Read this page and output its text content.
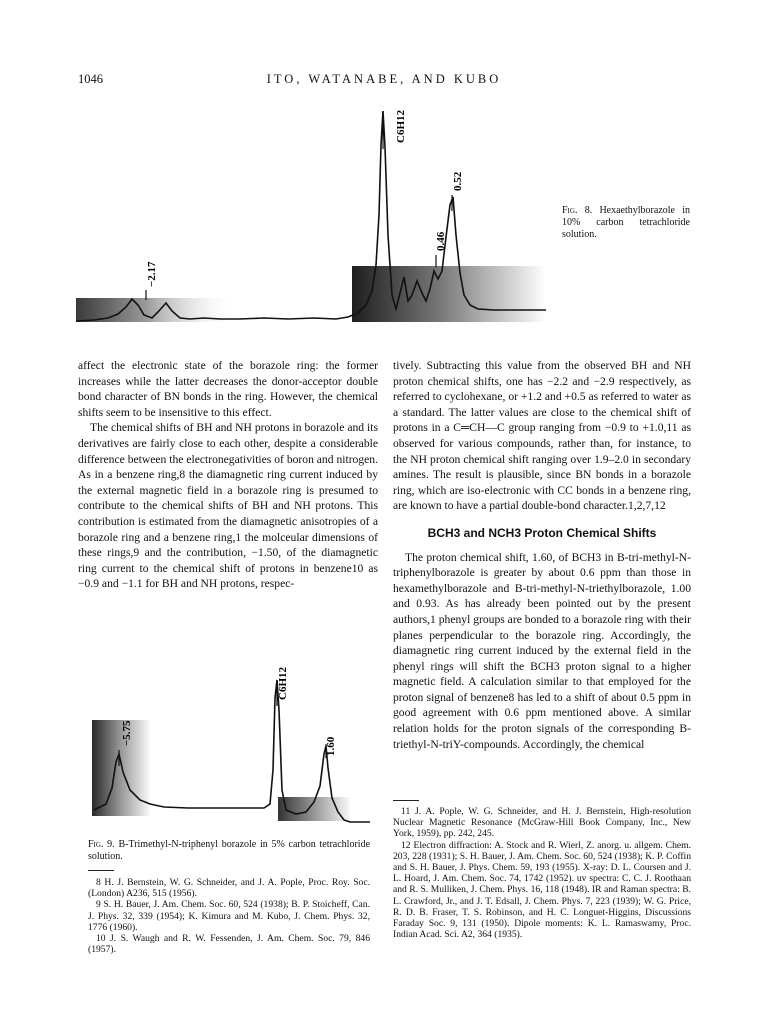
1046	ITO, WATANABE, AND KUBO
C6H12
0.52
0.46
−2.17
Fig. 8. Hexaethylborazole in 10% carbon tetrachloride solution.

affect the electronic state of the borazole ring: the former increases while the latter decreases the donor-acceptor double bond character of BN bonds in the ring. However, the chemical shifts seem to be insensitive to this effect.

The chemical shifts of BH and NH protons in borazole and its derivatives are fairly close to each other, despite a considerable difference between the electronegativities of boron and nitrogen. As in a benzene ring,8 the diamagnetic ring current induced by the external magnetic field in a borazole ring is presumed to contribute to the chemical shifts of BH and NH protons. This contribution is estimated from the diamagnetic anisotropies of a borazole ring and a benzene ring,1 the molceular dimensions of these rings,9 and the contribution, −1.50, of the diamagnetic ring current to the chemical shift of protons in benzene10 as −0.9 and −1.1 for BH and NH protons, respec-

C6H12
−5.75
1.60
Fig. 9. B-Trimethyl-N-triphenyl borazole in 5% carbon tetrachloride solution.

8 H. J. Bernstein, W. G. Schneider, and J. A. Pople, Proc. Roy. Soc. (London) A236, 515 (1956).

9 S. H. Bauer, J. Am. Chem. Soc. 60, 524 (1938); B. P. Stoicheff, Can. J. Phys. 32, 339 (1954); K. Kimura and M. Kubo, J. Chem. Phys. 32, 1776 (1960).

10 J. S. Waugh and R. W. Fessenden, J. Am. Chem. Soc. 79, 846 (1957).

tively. Subtracting this value from the observed BH and NH proton chemical shifts, one has −2.2 and −2.9 respectively, as referred to cyclohexane, or +1.2 and +0.5 as referred to water as a standard. The latter values are close to the chemical shift of protons in a C═CH—C group ranging from −0.9 to +1.0,11 as observed for various compounds, rather than, for instance, to the NH proton chemical shift ranging over 1.9–2.0 in secondary amines. The result is plausible, since BN bonds in a borazole ring, which are iso-electronic with CC bonds in a benzene ring, are known to have a partial double-bond character.1,2,7,12

BCH3 and NCH3 Proton Chemical Shifts

The proton chemical shift, 1.60, of BCH3 in B-tri-methyl-N-triphenylborazole is greater by about 0.6 ppm than those in hexamethylborazole and B-tri-methyl-N-triethylborazole, 1.00 and 0.93. As has already been pointed out by the present authors,1 phenyl groups are bonded to a borazole ring with their planes perpendicular to the borazole ring. Accordingly, the diamagnetic ring current induced by the external field in the phenyl rings will shift the BCH3 proton signal to a higher magnetic field. A calculation similar to that employed for the proton signal of benzene8 has led to a shift of about 0.5 ppm in good agreement with 0.6 ppm mentioned above. A similar relation holds for the proton signals of the corresponding B-triethyl-N-triY-compounds. Accordingly, the chemical

11 J. A. Pople, W. G. Schneider, and H. J. Bernstein, High-resolution Nuclear Magnetic Resonance (McGraw-Hill Book Company, Inc., New York, 1959), pp. 242, 245.

12 Electron diffraction: A. Stock and R. Wierl, Z. anorg. u. allgem. Chem. 203, 228 (1931); S. H. Bauer, J. Am. Chem. Soc. 60, 524 (1938); K. P. Coffin and S. H. Bauer, J. Phys. Chem. 59, 193 (1955). X-ray: D. L. Coursen and J. L. Hoard, J. Am. Chem. Soc. 74, 1742 (1952). uv spectra: C. C. J. Roothaan and R. S. Mulliken, J. Chem. Phys. 16, 118 (1948). IR and Raman spectra: B. L. Crawford, Jr., and J. T. Edsall, J. Chem. Phys. 7, 223 (1939); W. G. Price, R. D. B. Fraser, T. S. Robinson, and H. C. Longuet-Higgins, Discussions Faraday Soc. 9, 131 (1950). Dipole moments: K. L. Ramaswamy, Proc. Indian Acad. Sci. A2, 364 (1935).
